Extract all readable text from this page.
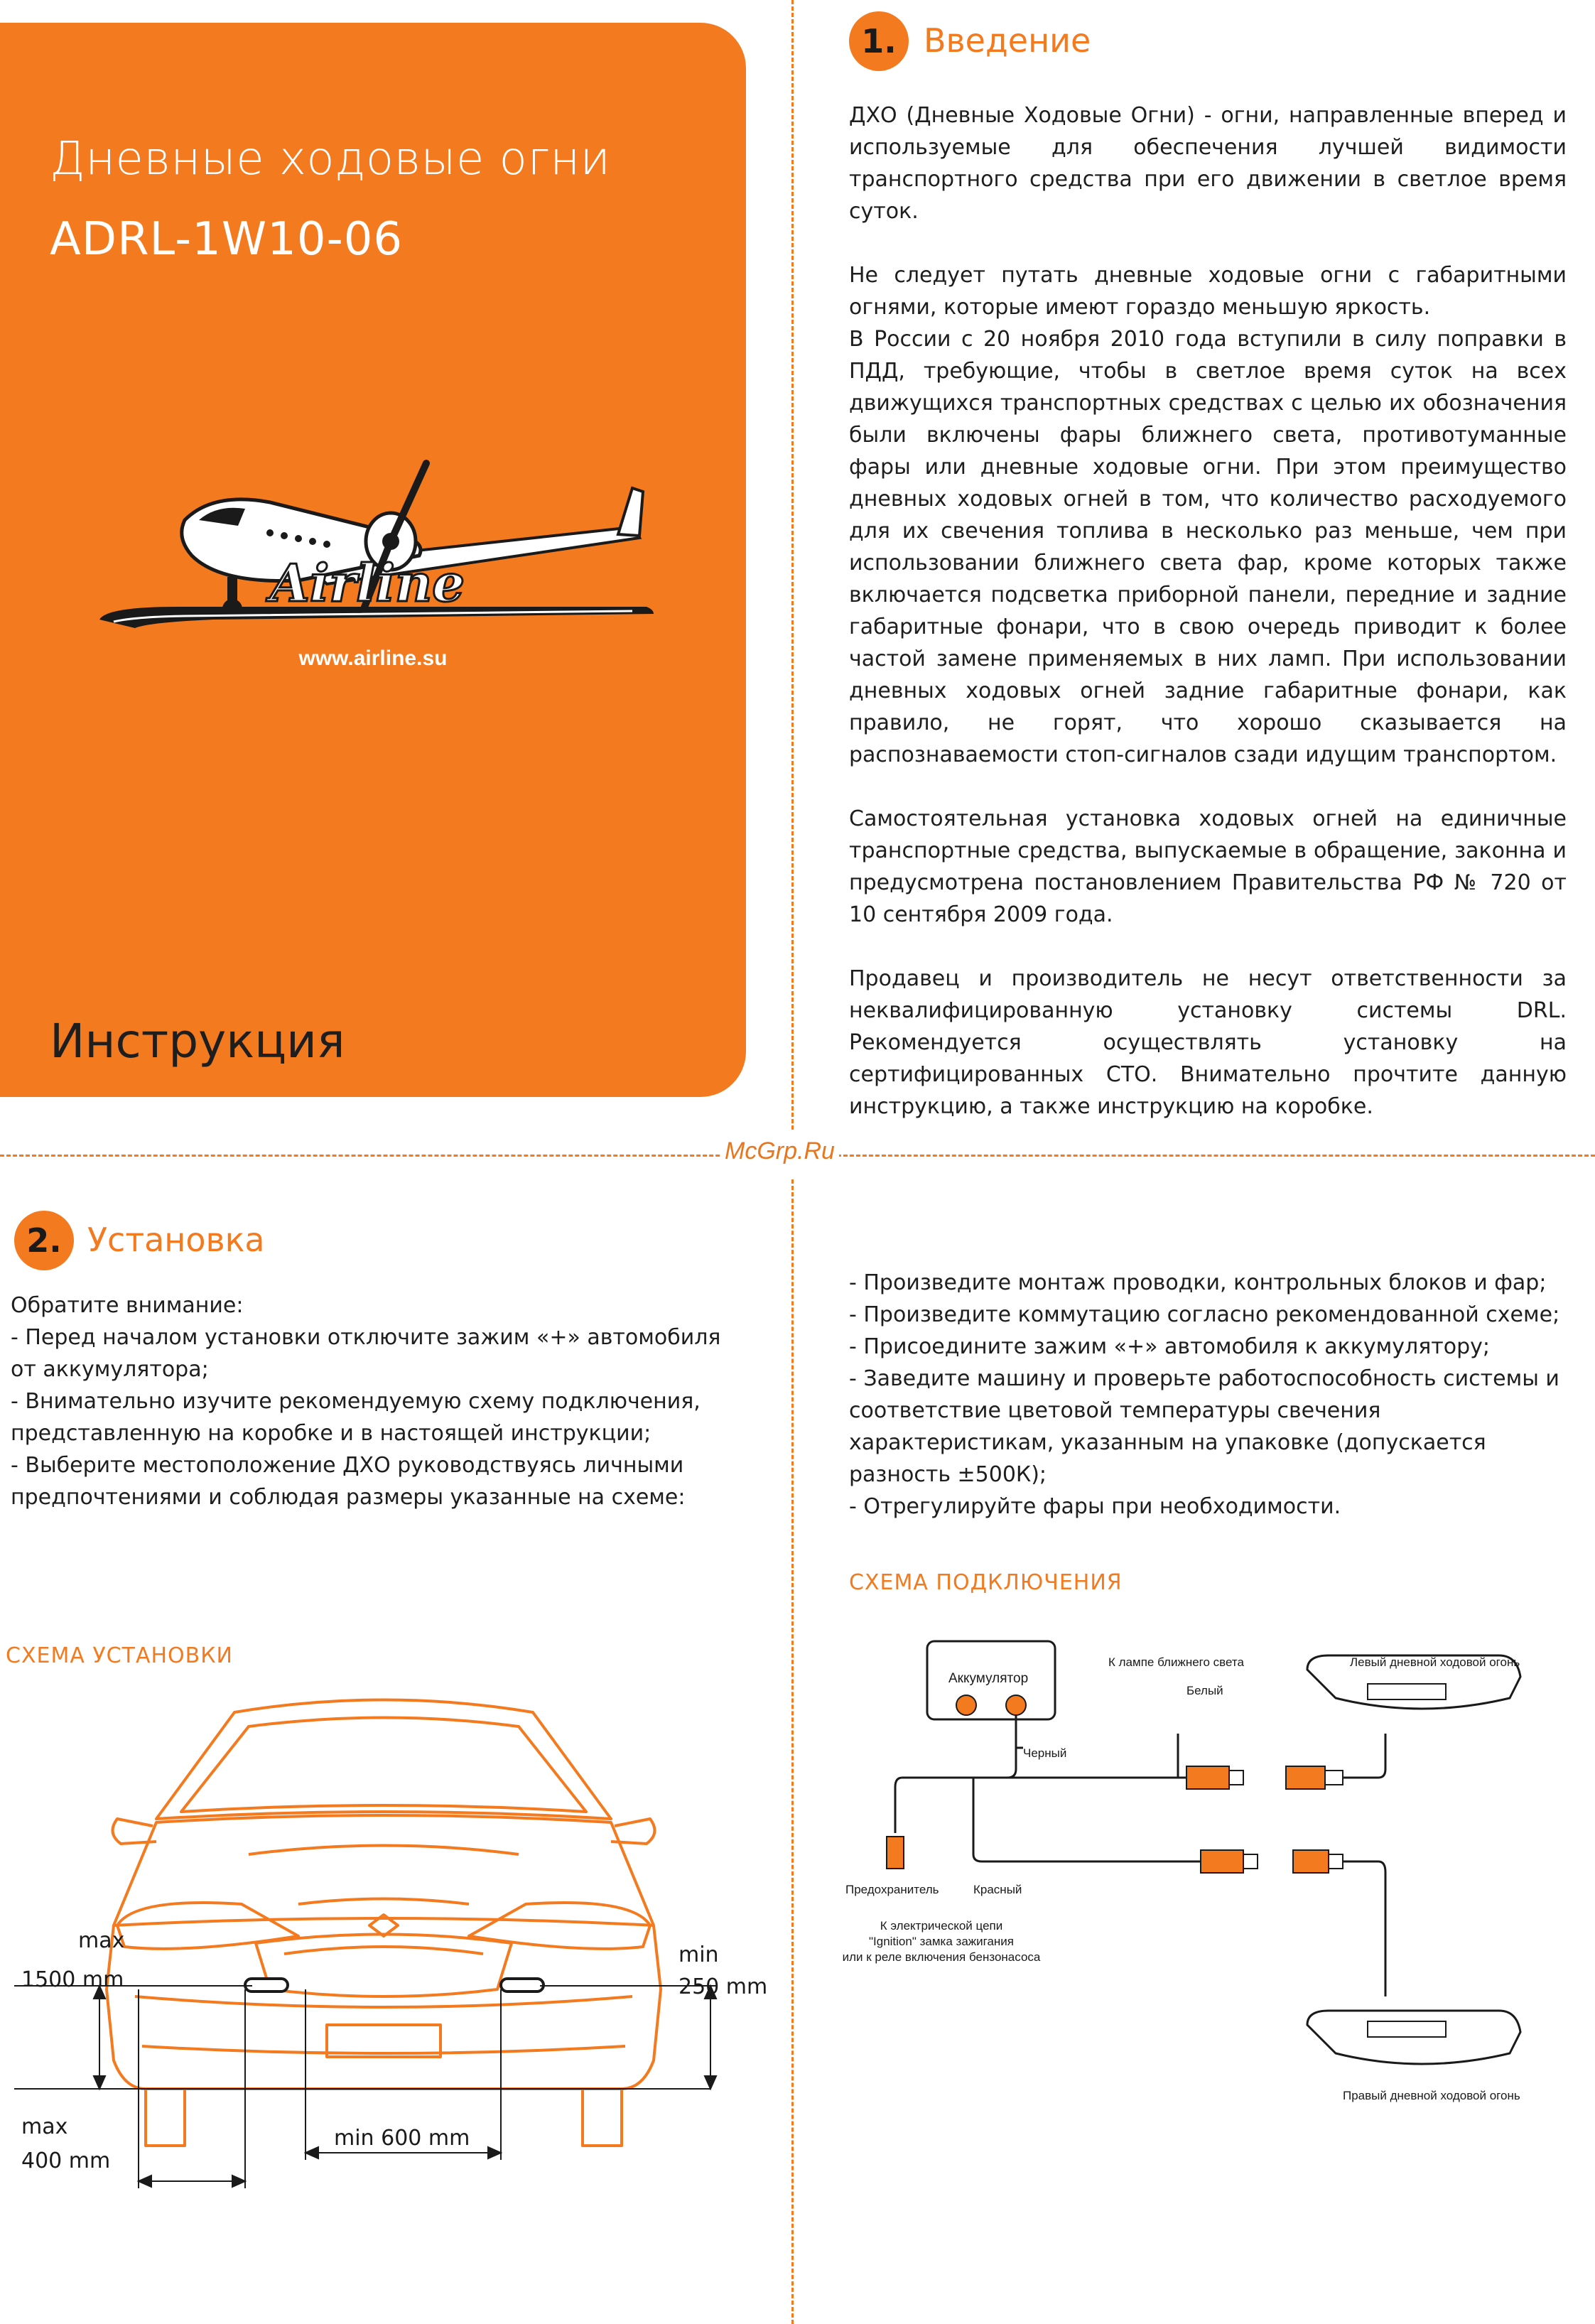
Дневные ходовые огни
ADRL-1W10-06
Airline
www.airline.su
Инструкция
McGrp.Ru
1. Введение

ДХО (Дневные Ходовые Огни) - огни, направленные вперед и используемые для обеспечения лучшей видимости транспортного средства при его движении в светлое время суток.

Не следует путать дневные ходовые огни с габаритными огнями, которые имеют гораздо меньшую яркость.

В России с 20 ноября 2010 года вступили в силу поправки в ПДД, требующие, чтобы в светлое время суток на всех движущихся транспортных средствах с целью их обозначения были включены фары ближнего света, противотуманные фары или дневные ходовые огни. При этом преимущество дневных ходовых огней в том, что количество расходуемого для их свечения топлива в несколько раз меньше, чем при использовании ближнего света фар, кроме которых также включается подсветка приборной панели, передние и задние габаритные фонари, что в свою очередь приводит к более частой замене применяемых в них ламп. При использовании дневных ходовых огней задние габаритные фонари, как правило, не горят, что хорошо сказывается на распознаваемости стоп-сигналов сзади идущим транспортом.

Самостоятельная установка ходовых огней на единичные транспортные средства, выпускаемые в обращение, законна и предусмотрена постановлением Правительства РФ № 720 от 10 сентября 2009 года.

Продавец и производитель не несут ответственности за неквалифицированную установку системы DRL. Рекомендуется осуществлять установку на сертифицированных СТО. Внимательно прочтите данную инструкцию, а также инструкцию на коробке.

2. Установка
Обратите внимание:
- Перед началом установки отключите зажим «+» автомобиля от аккумулятора;
- Внимательно изучите рекомендуемую схему подключения, представленную на коробке и в настоящей инструкции;
- Выберите местоположение ДХО руководствуясь личными предпочтениями и соблюдая размеры указанные на схеме:
- Произведите монтаж проводки, контрольных блоков и фар;
- Произведите коммутацию согласно рекомендованной схеме;
- Присоедините зажим «+» автомобиля к аккумулятору;
- Заведите машину и проверьте работоспособность системы и соответствие цветовой температуры свечения характеристикам, указанным на упаковке (допускается разность ±500К);
- Отрегулируйте фары при необходимости.
СХЕМА УСТАНОВКИ
max
1500 mm
min
250 mm
max
400 mm
min 600 mm
СХЕМА ПОДКЛЮЧЕНИЯ
Аккумулятор
Черный
К лампе ближнего света
Белый
Левый дневной ходовой огонь
Правый дневной ходовой огонь
Предохранитель	Красный
К электрической цепи
"Ignition" замка зажигания
или к реле включения бензонасоса
